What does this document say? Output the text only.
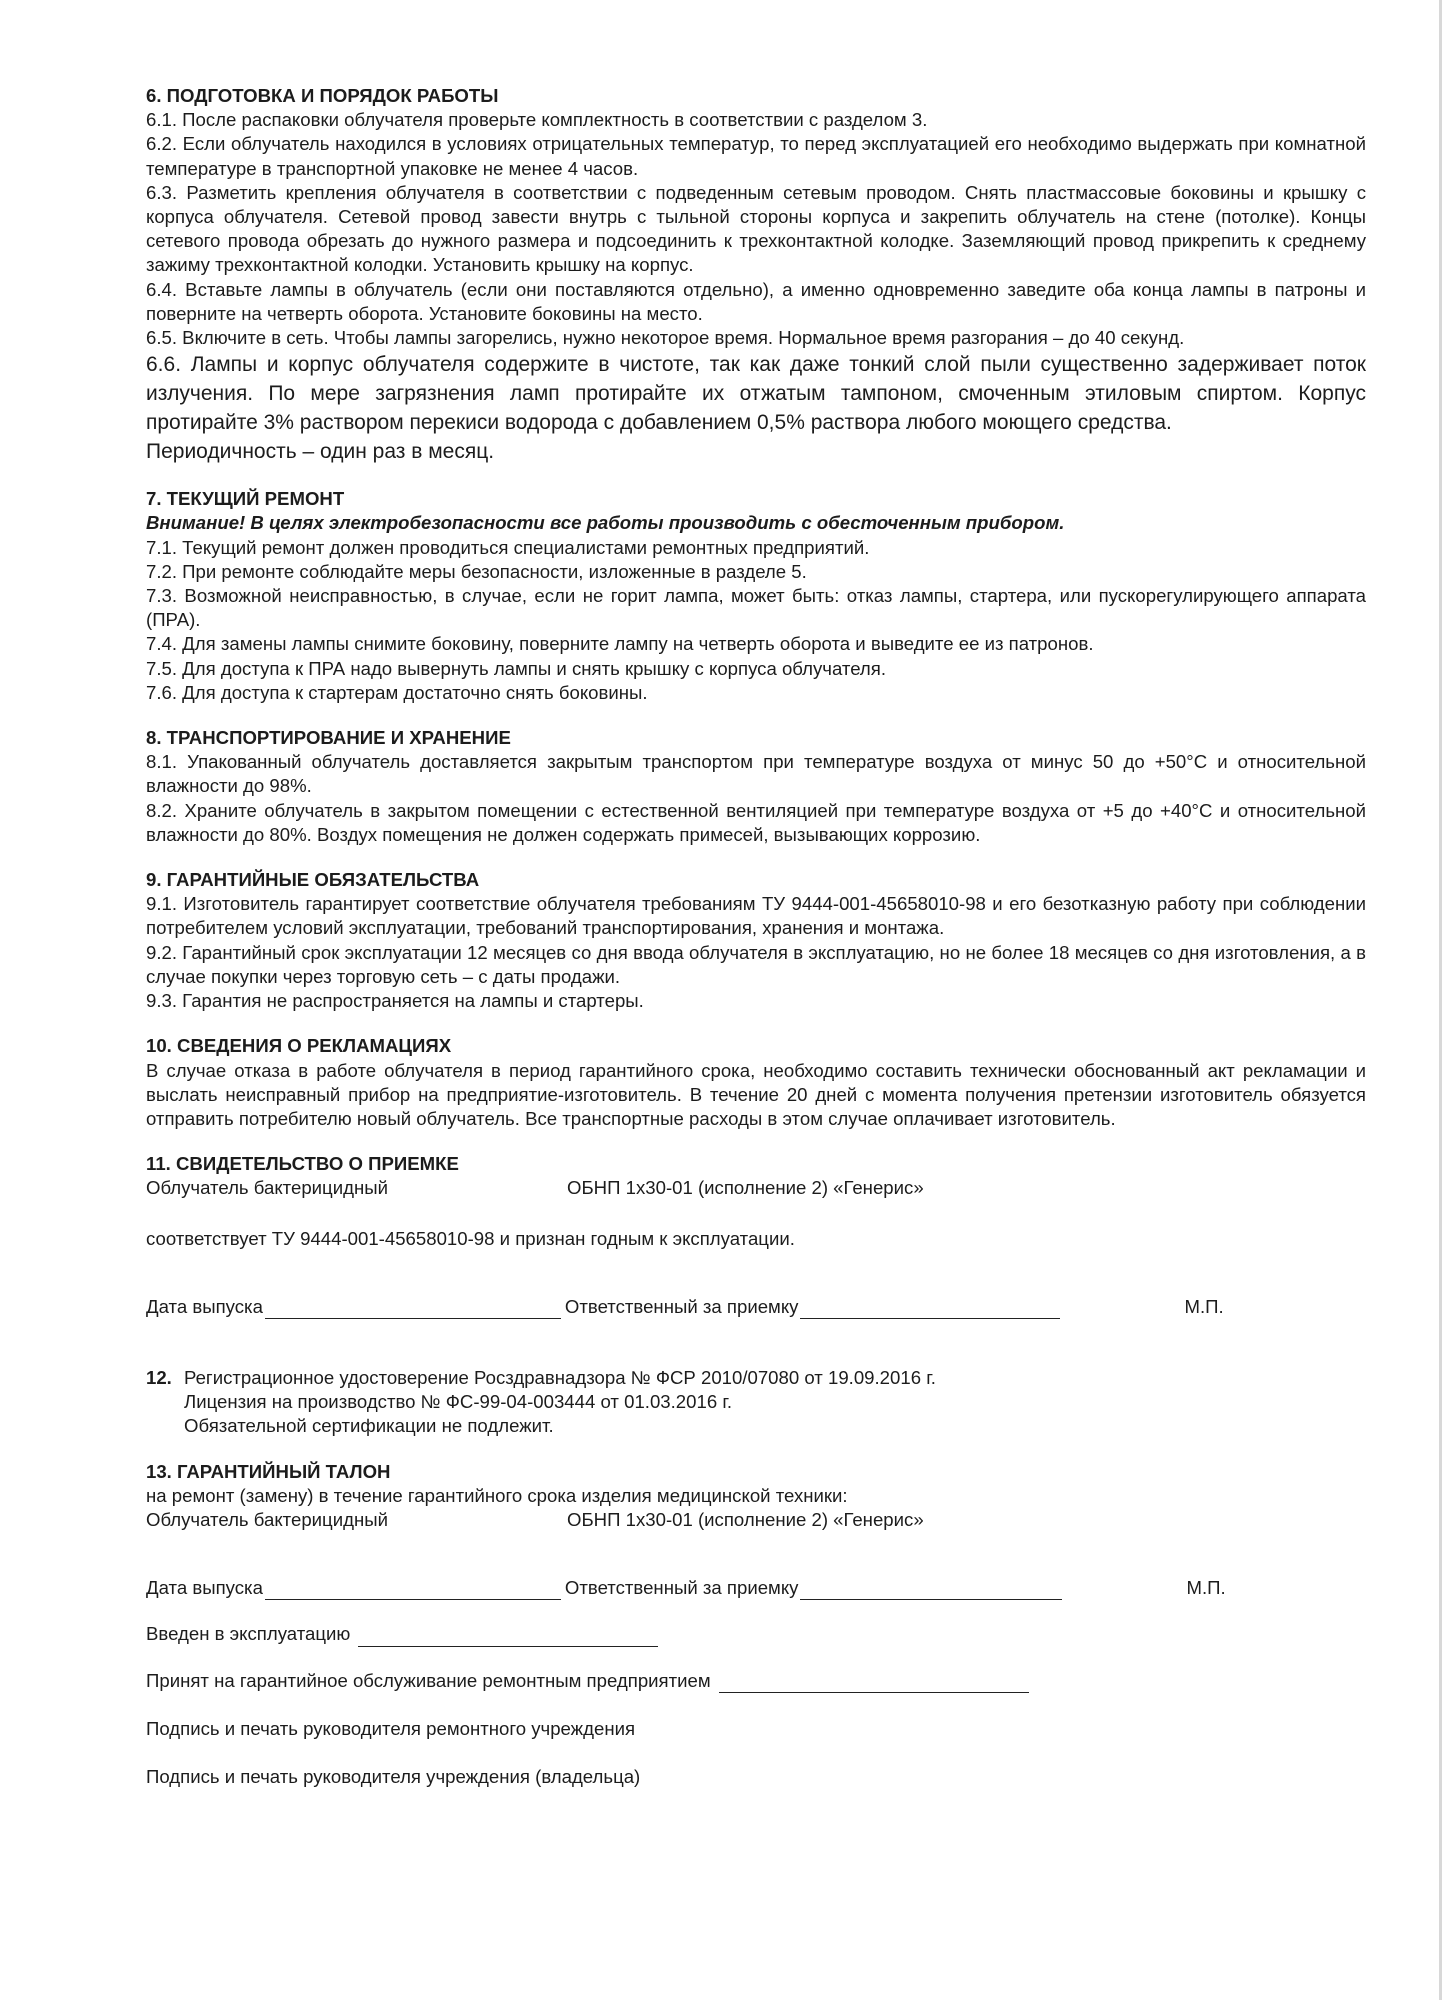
6. ПОДГОТОВКА И ПОРЯДОК РАБОТЫ

6.1. После распаковки облучателя проверьте комплектность в соответствии с разделом 3.

6.2. Если облучатель находился в условиях отрицательных температур, то перед эксплуатацией его необходимо выдержать при комнатной температуре в транспортной упаковке не менее 4 часов.

6.3. Разметить крепления облучателя в соответствии с подведенным сетевым проводом. Снять пластмассовые боковины и крышку с корпуса облучателя. Сетевой провод завести внутрь с тыльной стороны корпуса и закрепить облучатель на стене (потолке). Концы сетевого провода обрезать до нужного размера и подсоединить к трехконтактной колодке. Заземляющий провод прикрепить к среднему зажиму трехконтактной колодки. Установить крышку на корпус.

6.4. Вставьте лампы в облучатель (если они поставляются отдельно), а именно одновременно заведите оба конца лампы в патроны и поверните на четверть оборота. Установите боковины на место.

6.5. Включите в сеть. Чтобы лампы загорелись, нужно некоторое время. Нормальное время разгорания – до 40 секунд.

6.6. Лампы и корпус облучателя содержите в чистоте, так как даже тонкий слой пыли существенно задерживает поток излучения. По мере загрязнения ламп протирайте их отжатым тампоном, смоченным этиловым спиртом. Корпус протирайте 3% раствором перекиси водорода с добавлением 0,5% раствора любого моющего средства.

Периодичность – один раз в месяц.

7. ТЕКУЩИЙ РЕМОНТ
Внимание! В целях электробезопасности все работы производить с обесточенным прибором.

7.1. Текущий ремонт должен проводиться специалистами ремонтных предприятий.

7.2. При ремонте соблюдайте меры безопасности, изложенные в разделе 5.

7.3. Возможной неисправностью, в случае, если не горит лампа, может быть: отказ лампы, стартера, или пускорегулирующего аппарата (ПРА).

7.4. Для замены лампы снимите боковину, поверните лампу на четверть оборота и выведите ее из патронов.

7.5. Для доступа к ПРА надо вывернуть лампы и снять крышку с корпуса облучателя.

7.6. Для доступа к стартерам достаточно снять боковины.

8. ТРАНСПОРТИРОВАНИЕ И ХРАНЕНИЕ

8.1. Упакованный облучатель доставляется закрытым транспортом при температуре воздуха от минус 50 до +50°С и относительной влажности до 98%.

8.2. Храните облучатель в закрытом помещении с естественной вентиляцией при температуре воздуха от +5 до +40°С и относительной влажности до 80%. Воздух помещения не должен содержать примесей, вызывающих коррозию.

9. ГАРАНТИЙНЫЕ ОБЯЗАТЕЛЬСТВА

9.1. Изготовитель гарантирует соответствие облучателя требованиям ТУ 9444-001-45658010-98 и его безотказную работу при соблюдении потребителем условий эксплуатации, требований транспортирования, хранения и монтажа.

9.2. Гарантийный срок эксплуатации 12 месяцев со дня ввода облучателя в эксплуатацию, но не более 18 месяцев со дня изготовления, а в случае покупки через торговую сеть – с даты продажи.

9.3. Гарантия не распространяется на лампы и стартеры.

10. СВЕДЕНИЯ О РЕКЛАМАЦИЯХ

В случае отказа в работе облучателя в период гарантийного срока, необходимо составить технически обоснованный акт рекламации и выслать неисправный прибор на предприятие-изготовитель. В течение 20 дней с момента получения претензии изготовитель обязуется отправить потребителю новый облучатель. Все транспортные расходы в этом случае оплачивает изготовитель.

11. СВИДЕТЕЛЬСТВО О ПРИЕМКЕ
Облучатель бактерицидный	ОБНП 1х30-01 (исполнение 2) «Генерис»

соответствует ТУ 9444-001-45658010-98 и признан годным к эксплуатации.

Дата выпуска	Ответственный за приемку	М.П.
12. Регистрационное удостоверение Росздравнадзора № ФСР 2010/07080 от 19.09.2016 г.
Лицензия на производство № ФС-99-04-003444 от 01.03.2016 г.
Обязательной сертификации не подлежит.
13. ГАРАНТИЙНЫЙ ТАЛОН

на ремонт (замену) в течение гарантийного срока изделия медицинской техники:

Облучатель бактерицидный	ОБНП 1х30-01 (исполнение 2) «Генерис»
Дата выпуска	Ответственный за приемку	М.П.
Введен в эксплуатацию
Принят на гарантийное обслуживание ремонтным предприятием
Подпись и печать руководителя ремонтного учреждения
Подпись и печать руководителя учреждения (владельца)
